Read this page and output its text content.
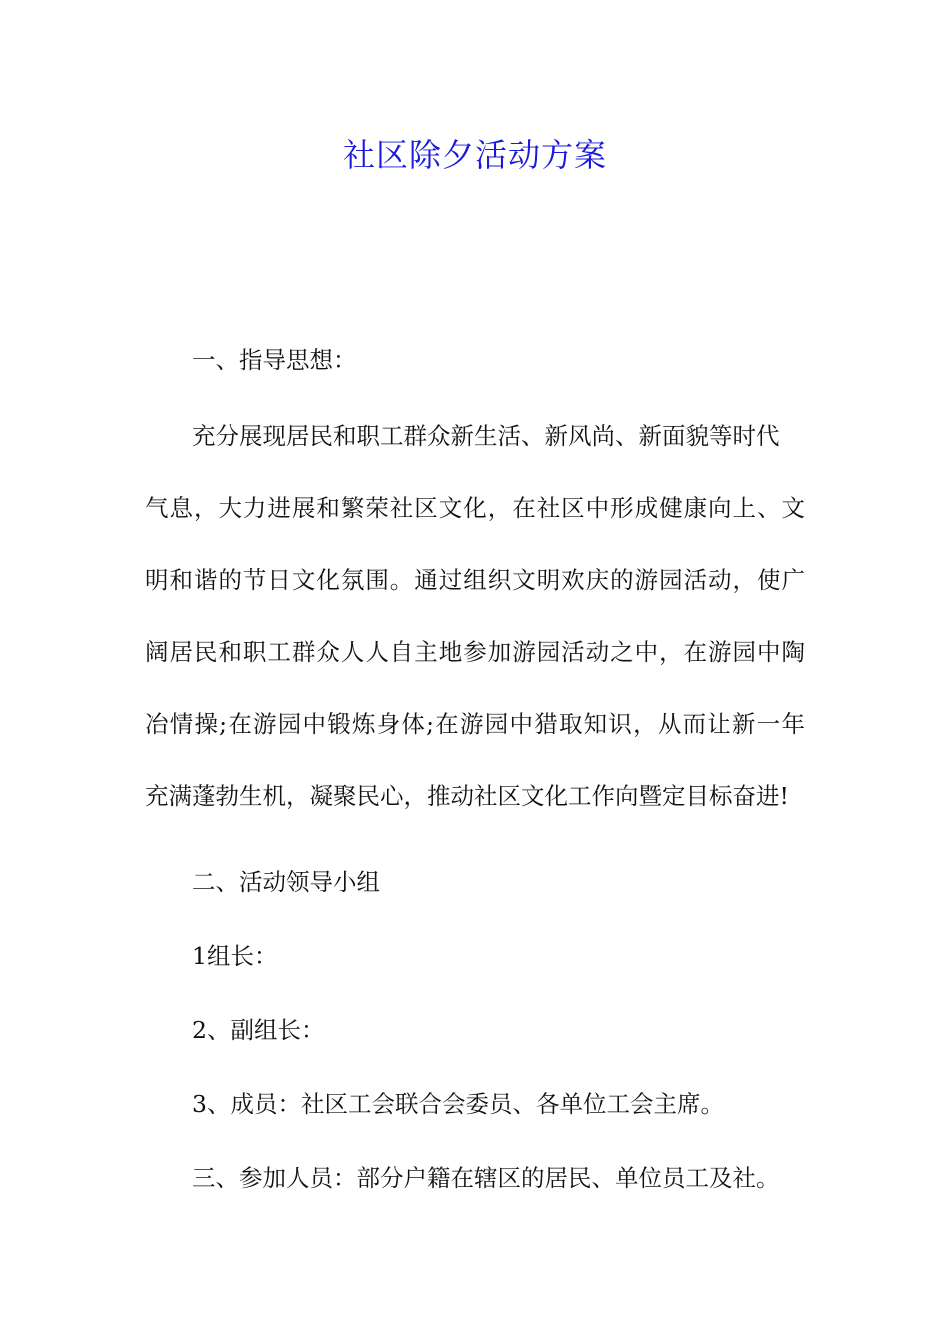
社区除夕活动方案
一、指导思想：
充分展现居民和职工群众新生活、新风尚、新面貌等时代
气息，大力进展和繁荣社区文化，在社区中形成健康向上、文
明和谐的节日文化氛围。通过组织文明欢庆的游园活动，使广
阔居民和职工群众人人自主地参加游园活动之中，在游园中陶
冶情操;在游园中锻炼身体;在游园中猎取知识，从而让新一年
充满蓬勃生机，凝聚民心，推动社区文化工作向暨定目标奋进!
二、活动领导小组
1组长：
2、副组长：
3、成员：社区工会联合会委员、各单位工会主席。
三、参加人员：部分户籍在辖区的居民、单位员工及社。
